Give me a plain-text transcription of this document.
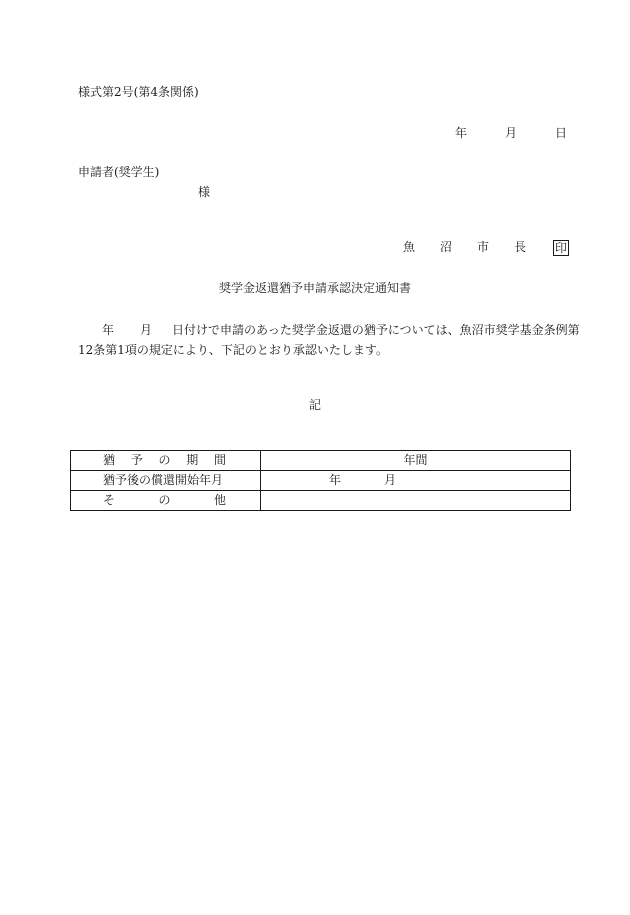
様式第2号(第4条関係)
年	月	日
申請者(奨学生)
様
魚 沼 市 長 印
奨学金返還猶予申請承認決定通知書
年 月 日付けで申請のあった奨学金返還の猶予については、魚沼市奨学基金条例第
12条第1項の規定により、下記のとおり承認いたします。
記
猶 予 の 期 間	年間

猶予後の償還開始年月	年 月

そ の 他	
